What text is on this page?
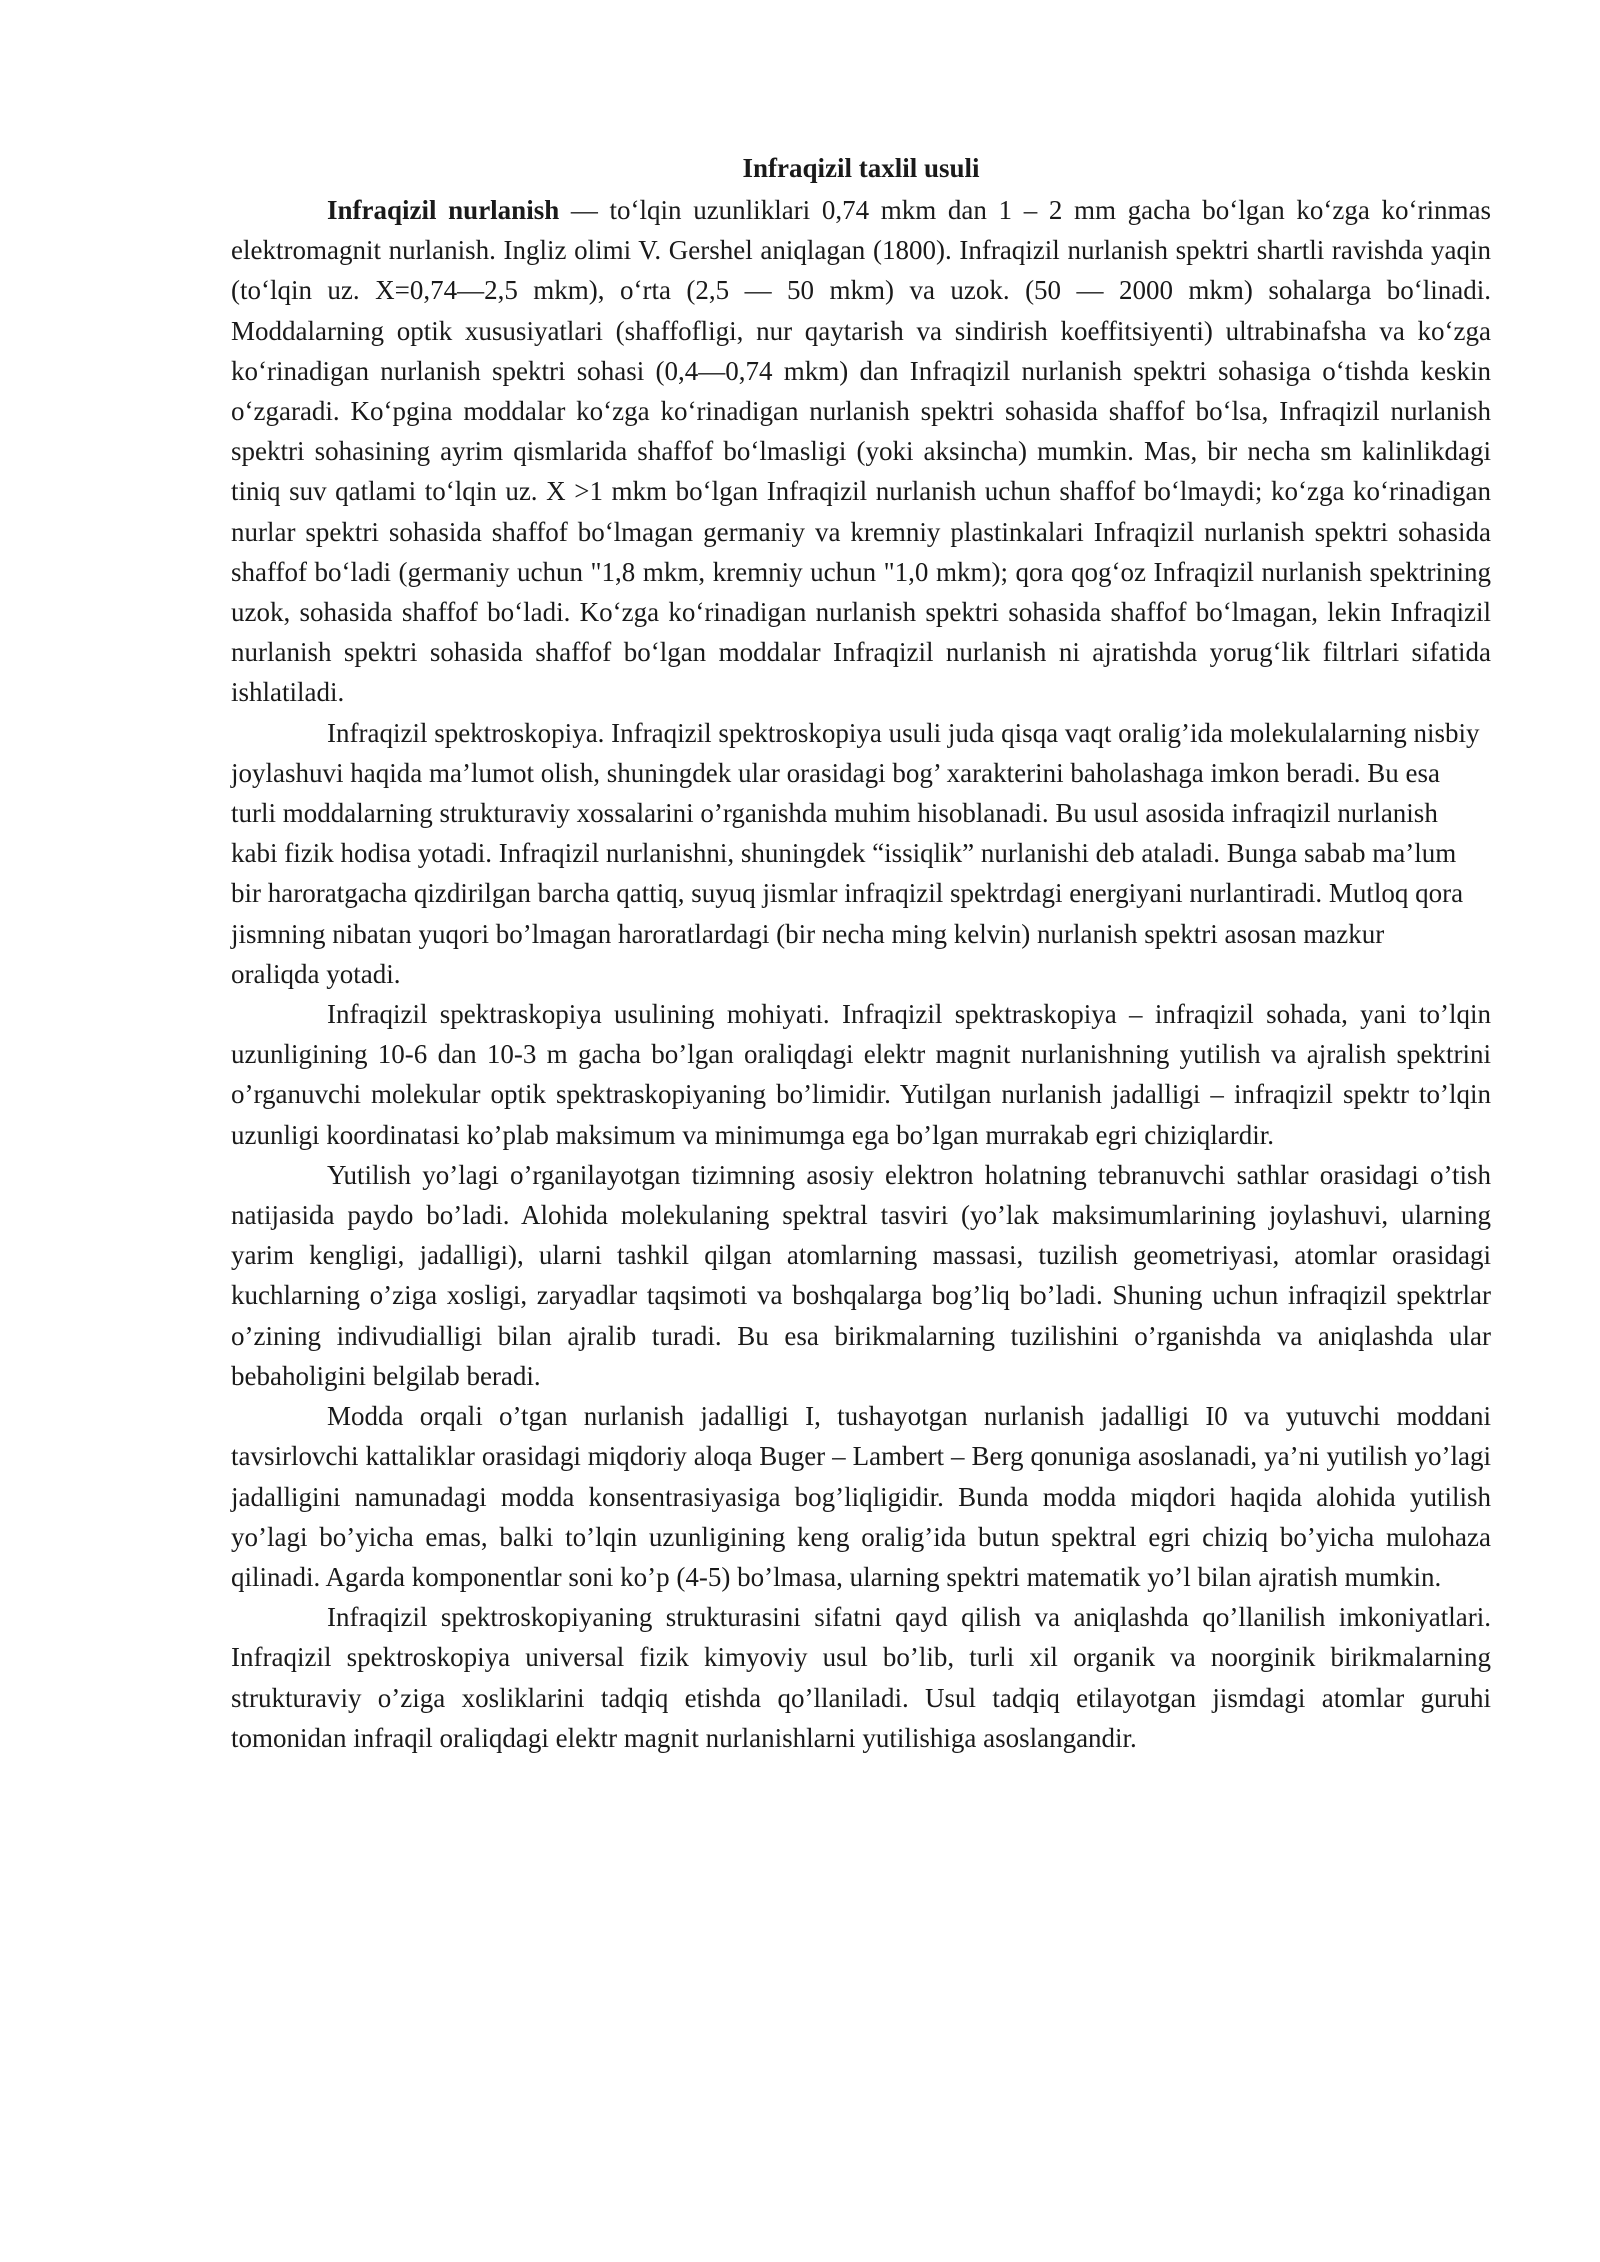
Infraqizil taxlil usuli

Infraqizil nurlanish — to‘lqin uzunliklari 0,74 mkm dan 1 – 2 mm gacha bo‘lgan ko‘zga ko‘rinmas elektromagnit nurlanish. Ingliz olimi V. Gershel aniqlagan (1800). Infraqizil nurlanish spektri shartli ravishda yaqin (to‘lqin uz. X=0,74—2,5 mkm), o‘rta (2,5 — 50 mkm) va uzok. (50 — 2000 mkm) sohalarga bo‘linadi. Moddalarning optik xususiyatlari (shaffofligi, nur qaytarish va sindirish koeffitsiyenti) ultrabinafsha va ko‘zga ko‘rinadigan nurlanish spektri sohasi (0,4—0,74 mkm) dan Infraqizil nurlanish spektri sohasiga o‘tishda keskin o‘zgaradi. Ko‘pgina moddalar ko‘zga ko‘rinadigan nurlanish spektri sohasida shaffof bo‘lsa, Infraqizil nurlanish spektri sohasining ayrim qismlarida shaffof bo‘lmasligi (yoki aksincha) mumkin. Mas, bir necha sm kalinlikdagi tiniq suv qatlami to‘lqin uz. X >1 mkm bo‘lgan Infraqizil nurlanish uchun shaffof bo‘lmaydi; ko‘zga ko‘rinadigan nurlar spektri sohasida shaffof bo‘lmagan germaniy va kremniy plastinkalari Infraqizil nurlanish spektri sohasida shaffof bo‘ladi (germaniy uchun "1,8 mkm, kremniy uchun "1,0 mkm); qora qog‘oz Infraqizil nurlanish spektrining uzok, sohasida shaffof bo‘ladi. Ko‘zga ko‘rinadigan nurlanish spektri sohasida shaffof bo‘lmagan, lekin Infraqizil nurlanish spektri sohasida shaffof bo‘lgan moddalar Infraqizil nurlanish ni ajratishda yorug‘lik filtrlari sifatida ishlatiladi.

Infraqizil spektroskopiya. Infraqizil spektroskopiya usuli juda qisqa vaqt oralig’ida molekulalarning nisbiy joylashuvi haqida ma’lumot olish, shuningdek ular orasidagi bog’ xarakterini baholashaga imkon beradi. Bu esa turli moddalarning strukturaviy xossalarini o’rganishda muhim hisoblanadi. Bu usul asosida infraqizil nurlanish kabi fizik hodisa yotadi. Infraqizil nurlanishni, shuningdek “issiqlik” nurlanishi deb ataladi. Bunga sabab ma’lum bir haroratgacha qizdirilgan barcha qattiq, suyuq jismlar infraqizil spektrdagi energiyani nurlantiradi. Mutloq qora jismning nibatan yuqori bo’lmagan haroratlardagi (bir necha ming kelvin) nurlanish spektri asosan mazkur

oraliqda yotadi.

Infraqizil spektraskopiya usulining mohiyati. Infraqizil spektraskopiya – infraqizil sohada, yani to’lqin uzunligining 10-6 dan 10-3 m gacha bo’lgan oraliqdagi elektr magnit nurlanishning yutilish va ajralish spektrini o’rganuvchi molekular optik spektraskopiyaning bo’limidir. Yutilgan nurlanish jadalligi – infraqizil spektr to’lqin uzunligi koordinatasi ko’plab maksimum va minimumga ega bo’lgan murrakab egri chiziqlardir.

Yutilish yo’lagi o’rganilayotgan tizimning asosiy elektron holatning tebranuvchi sathlar orasidagi o’tish natijasida paydo bo’ladi. Alohida molekulaning spektral tasviri (yo’lak maksimumlarining joylashuvi, ularning yarim kengligi, jadalligi), ularni tashkil qilgan atomlarning massasi, tuzilish geometriyasi, atomlar orasidagi kuchlarning o’ziga xosligi, zaryadlar taqsimoti va boshqalarga bog’liq bo’ladi. Shuning uchun infraqizil spektrlar o’zining indivudialligi bilan ajralib turadi. Bu esa birikmalarning tuzilishini o’rganishda va aniqlashda ular bebaholigini belgilab beradi.

Modda orqali o’tgan nurlanish jadalligi I, tushayotgan nurlanish jadalligi I0 va yutuvchi moddani tavsirlovchi kattaliklar orasidagi miqdoriy aloqa Buger – Lambert – Berg qonuniga asoslanadi, ya’ni yutilish yo’lagi jadalligini namunadagi modda konsentrasiyasiga bog’liqligidir. Bunda modda miqdori haqida alohida yutilish yo’lagi bo’yicha emas, balki to’lqin uzunligining keng oralig’ida butun spektral egri chiziq bo’yicha mulohaza qilinadi. Agarda komponentlar soni ko’p (4-5) bo’lmasa, ularning spektri matematik yo’l bilan ajratish mumkin.

Infraqizil spektroskopiyaning strukturasini sifatni qayd qilish va aniqlashda qo’llanilish imkoniyatlari. Infraqizil spektroskopiya universal fizik kimyoviy usul bo’lib, turli xil organik va noorginik birikmalarning strukturaviy o’ziga xosliklarini tadqiq etishda qo’llaniladi. Usul tadqiq etilayotgan jismdagi atomlar guruhi tomonidan infraqil oraliqdagi elektr magnit nurlanishlarni yutilishiga asoslangandir.
